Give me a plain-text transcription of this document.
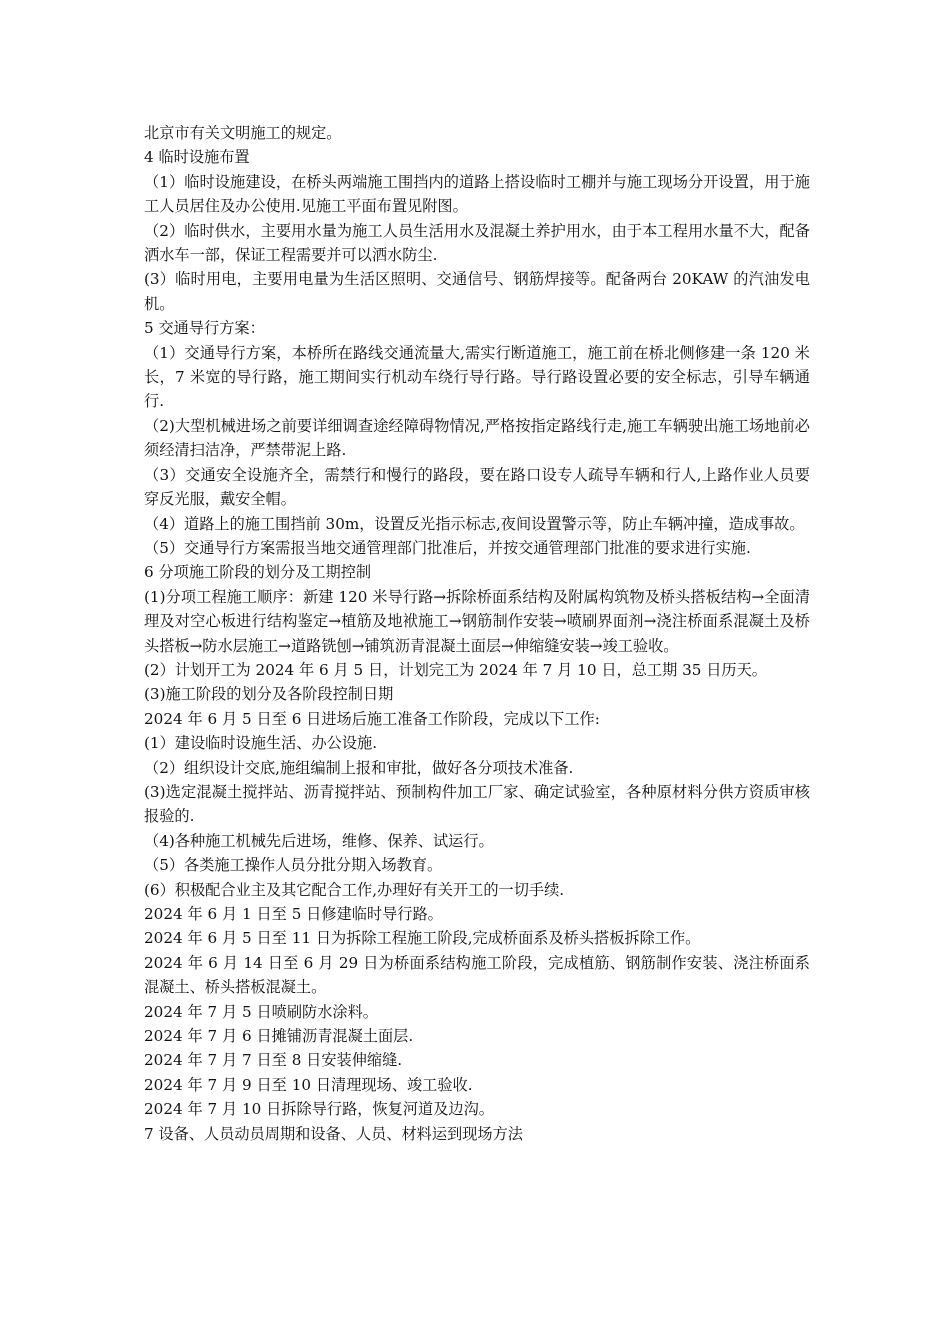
北京市有关文明施工的规定。

4 临时设施布置

（1）临时设施建设，在桥头两端施工围挡内的道路上搭设临时工棚并与施工现场分开设置，用于施工人员居住及办公使用.见施工平面布置见附图。

（2）临时供水，主要用水量为施工人员生活用水及混凝土养护用水，由于本工程用水量不大，配备洒水车一部，保证工程需要并可以洒水防尘.

(3）临时用电，主要用电量为生活区照明、交通信号、钢筋焊接等。配备两台 20KAW 的汽油发电机。

5 交通导行方案：

（1）交通导行方案，本桥所在路线交通流量大,需实行断道施工，施工前在桥北侧修建一条 120 米长，7 米宽的导行路，施工期间实行机动车绕行导行路。导行路设置必要的安全标志，引导车辆通行.

（2)大型机械进场之前要详细调查途经障碍物情况,严格按指定路线行走,施工车辆驶出施工场地前必须经清扫洁净，严禁带泥上路.

（3）交通安全设施齐全，需禁行和慢行的路段，要在路口设专人疏导车辆和行人,上路作业人员要穿反光服，戴安全帽。

（4）道路上的施工围挡前 30m，设置反光指示标志,夜间设置警示等，防止车辆冲撞，造成事故。

（5）交通导行方案需报当地交通管理部门批准后，并按交通管理部门批准的要求进行实施.

6 分项施工阶段的划分及工期控制

(1)分项工程施工顺序：新建 120 米导行路→拆除桥面系结构及附属构筑物及桥头搭板结构→全面清理及对空心板进行结构鉴定→植筋及地袱施工→钢筋制作安装→喷刷界面剂→浇注桥面系混凝土及桥头搭板→防水层施工→道路铣刨→铺筑沥青混凝土面层→伸缩缝安装→竣工验收。

(2）计划开工为 2024 年 6 月 5 日，计划完工为 2024 年 7 月 10 日，总工期 35 日历天。

(3)施工阶段的划分及各阶段控制日期

2024 年 6 月 5 日至 6 日进场后施工准备工作阶段，完成以下工作:

(1）建设临时设施生活、办公设施.

（2）组织设计交底,施组编制上报和审批，做好各分项技术准备.

(3)选定混凝土搅拌站、沥青搅拌站、预制构件加工厂家、确定试验室，各种原材料分供方资质审核报验的.

（4)各种施工机械先后进场，维修、保养、试运行。

（5）各类施工操作人员分批分期入场教育。

(6）积极配合业主及其它配合工作,办理好有关开工的一切手续.

2024 年 6 月 1 日至 5 日修建临时导行路。

2024 年 6 月 5 日至 11 日为拆除工程施工阶段,完成桥面系及桥头搭板拆除工作。

2024 年 6 月 14 日至 6 月 29 日为桥面系结构施工阶段，完成植筋、钢筋制作安装、浇注桥面系混凝土、桥头搭板混凝土。

2024 年 7 月 5 日喷刷防水涂料。

2024 年 7 月 6 日摊铺沥青混凝土面层.

2024 年 7 月 7 日至 8 日安装伸缩缝.

2024 年 7 月 9 日至 10 日清理现场、竣工验收.

2024 年 7 月 10 日拆除导行路，恢复河道及边沟。

7 设备、人员动员周期和设备、人员、材料运到现场方法
